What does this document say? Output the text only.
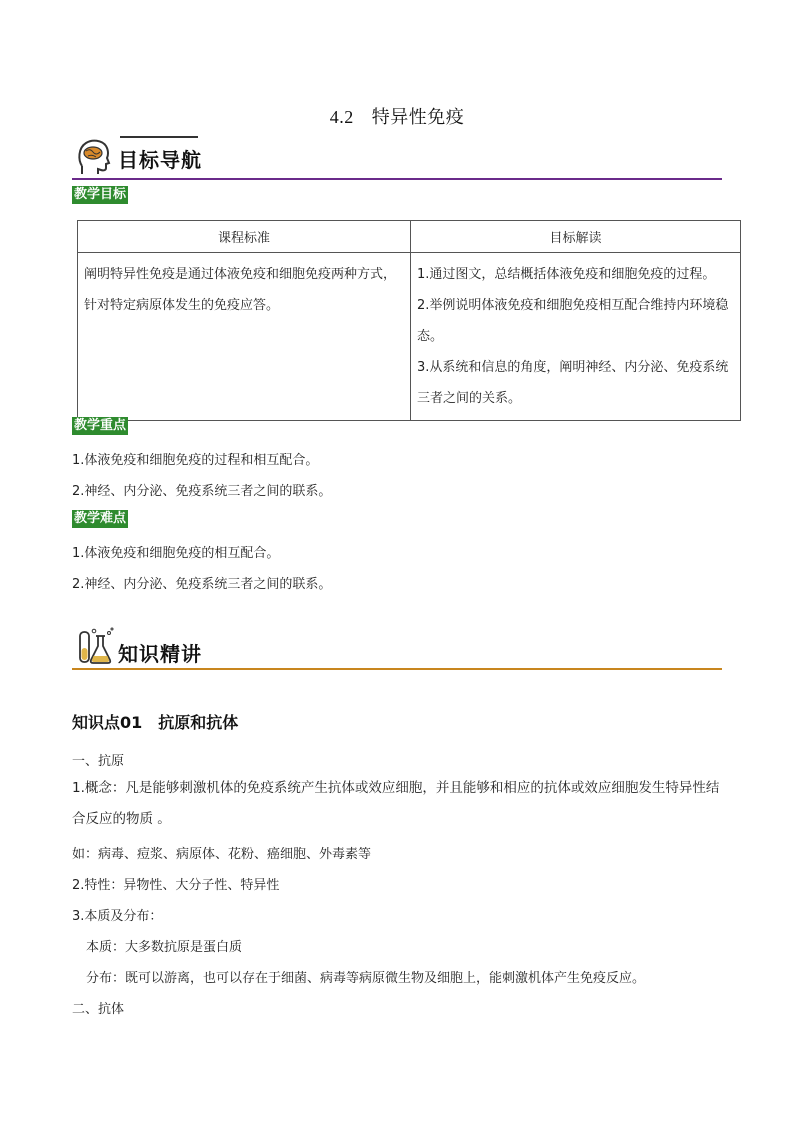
4.2 特异性免疫
目标导航
教学目标
课程标准	目标解读

阐明特异性免疫是通过体液免疫和细胞免疫两种方式，针对特定病原体发生的免疫应答。	1.通过图文，总结概括体液免疫和细胞免疫的过程。

2.举例说明体液免疫和细胞免疫相互配合维持内环境稳态。

3.从系统和信息的角度，阐明神经、内分泌、免疫系统三者之间的关系。

教学重点
1.体液免疫和细胞免疫的过程和相互配合。
2.神经、内分泌、免疫系统三者之间的联系。
教学难点
1.体液免疫和细胞免疫的相互配合。
2.神经、内分泌、免疫系统三者之间的联系。
知识精讲
知识点01 抗原和抗体
一、抗原
1.概念：凡是能够刺激机体的免疫系统产生抗体或效应细胞，并且能够和相应的抗体或效应细胞发生特异性结合反应的物质 。
如：病毒、痘浆、病原体、花粉、癌细胞、外毒素等
2.特性：异物性、大分子性、特异性
3.本质及分布：
本质：大多数抗原是蛋白质
分布：既可以游离，也可以存在于细菌、病毒等病原微生物及细胞上，能刺激机体产生免疫反应。
二、抗体
